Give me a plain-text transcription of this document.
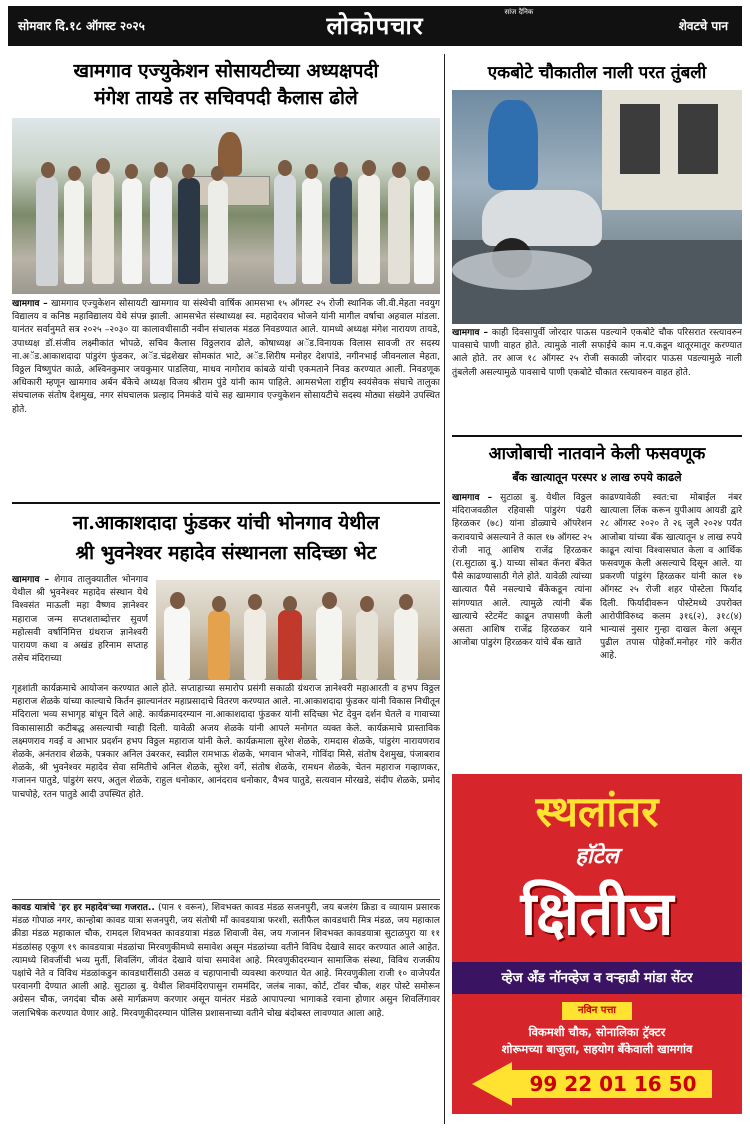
सोमवार दि.१८ ऑगस्ट २०२५
सांज दैनिक
लोकोपचार	शेवटचे पान
खामगाव एज्युकेशन सोसायटीच्या अध्यक्षपदी
मंगेश तायडे तर सचिवपदी कैलास ढोले
खामगाव – खामगाव एज्युकेशन सोसायटी खामगाव या संस्थेची वार्षिक आमसभा १५ ऑगस्ट २५ रोजी स्थानिक जी.वी.मेहता नवयुग विद्यालय व कनिष्ठ महाविद्यालय येथे संपन्न झाली. आमसभेत संस्थाध्यक्ष स्व. महादेवराव भोजने यांनी मागील वर्षाचा अहवाल मांडला. यानंतर सर्वानुमते सत्र २०२५ –२०३० या कालावधीसाठी नवीन संचालक मंडळ निवडण्यात आले. यामध्ये अध्यक्ष मंगेश नारायण तायडे, उपाध्यक्ष डॉ.संजीव लक्ष्मीकांत भोपळे, सचिव कैलास विठ्ठलराव ढोले, कोषाध्यक्ष अॅड.विनायक विलास सावजी तर सदस्य ना.अॅड.आकाशदादा पांडुरंग फुंडकर, अॅड.चंद्रशेखर सोमकांत भाटे, अॅड.शिरीष मनोहर देशपांडे, नगीनभाई जीवनलाल मेहता, विठ्ठल विष्णुपंत काळे, अश्विनकुमार जयकुमार पाडलिया, माधव नागोराव कांबळे यांची एकमताने निवड करण्यात आली. निवडणूक अधिकारी म्हणून खामगाव अर्बन बँकेचे अध्यक्ष विजय श्रीराम पुंडे यांनी काम पाहिले. आमसभेला राष्ट्रीय स्वयंसेवक संघाचे तालुका संघचालक संतोष देशमुख, नगर संघचालक प्रल्हाद निमकंडे यांचे सह खामगाव एज्युकेशन सोसायटीचे सदस्य मोठ्या संख्येने उपस्थित होते.
ना.आकाशदादा फुंडकर यांची भोनगाव येथील
श्री भुवनेश्वर महादेव संस्थानला सदिच्छा भेट
खामगाव – शेगाव तालुक्यातील भोनगाव येथील श्री भुवनेश्वर महादेव संस्थान येथे विश्वसंत माऊली महा वैष्णव ज्ञानेश्वर महाराज जन्म सप्तशताब्दोत्तर सुवर्ण महोत्सवी वर्षानिमित्त ग्रंथराज ज्ञानेश्वरी पारायण कथा व अखंड हरिनाम सप्ताह तसेच मंदिराच्या
गृहशांती कार्यक्रमाचे आयोजन करण्यात आले होते. सप्ताहाच्या समारोप प्रसंगी सकाळी ग्रंथराज ज्ञानेश्वरी महाआरती व हभप विठ्ठल महाराज शेळके यांच्या काल्याचे किर्तन झाल्यानंतर महाप्रसादाचे वितरण करण्यात आले. ना.आकाशदादा फुंडकर यांनी विकास निधीतून मंदिराला भव्य सभागृह बांधून दिले आहे. कार्यक्रमादरम्यान ना.आकाशदादा फुंडकर यांनी सदिच्छा भेट देवुन दर्शन घेतले व गावाच्या विकासासाठी कटीबद्ध असल्याची ग्वाही दिली. यावेळी अजय शेळके यांनी आपले मनोगत व्यक्त केले. कार्यक्रमाचे प्रास्ताविक लक्ष्मणराव गवई व आभार प्रदर्शन हभप विठ्ठल महाराज यांनी केले. कार्यक्रमाला सुरेश शेळके, रामदास शेळके, पांडुरंग नारायणराव शेळके, अनंतराव शेळके, पत्रकार अनिल उंबरकर, स्वप्नील रामभाऊ शेळके, भगवान भोजने, गोविंदा मिसे, संतोष देशमुख, पंजाबराव शेळके, श्री भुवनेश्वर महादेव सेवा समितीचे अनिल शेळके, सुरेश वर्गे, संतोष शेळके, रामधन शेळके, चेतन महाराज गव्हाणकर, गजानन पातुडे, पांडुरंग सरप, अतुल शेळके, राहुल धनोकार, आनंदराव धनोकार, वैभव पातुडे, सत्यवान मोरखडे, संदीप शेळके, प्रमोद पाचपोहे, रतन पातुडे आदी उपस्थित होते.
कावड यात्रांचे 'हर हर महादेव'च्या गजरात.. (पान १ वरून), शिवभक्त कावड मंडळ सजनपुरी, जय बजरंग क्रिडा व व्यायाम प्रसारक मंडळ गोपाळ नगर, कान्होबा कावड यात्रा सजनपुरी, जय संतोषी माँ कावडयात्रा फरशी, सतीफैल कावडधारी मित्र मंडळ, जय महाकाल क्रीडा मंडळ महाकाल चौक, रामदल शिवभक्त कावडयात्रा मंडळ शिवाजी वेस, जय गजानन शिवभक्त कावडयात्रा सुटाळपुरा या ११ मंडळांसह एकूण १९ कावडयात्रा मंडळांचा मिरवणुकीमध्ये समावेश असून मंडळांच्या वतीने विविध देखावे सादर करण्यात आले आहेत. त्यामध्ये शिवजींची भव्य मुर्ती, शिवलिंग, जीवंत देखावे यांचा समावेश आहे. मिरवणुकीदरम्यान सामाजिक संस्था, विविध राजकीय पक्षांचे नेते व विविध मंडळांकडुन कावडधारींसाठी उसळ व चहापानाची व्यवस्था करण्यात येत आहे. मिरवणुकीला राजी १० वाजेपर्यंत परवानगी देण्यात आली आहे. सुटाळा बु. येथील शिवमंदिरापासुन राममंदिर, जलंब नाका, कोर्ट, टॉवर चौक, शहर पोस्टे समोरून अग्रेसन चौक, जगदंबा चौक असे मार्गक्रमण करणार असून यानंतर मंडळे आपापल्या भागाकडे रवाना होणार असुन शिवलिंगावर जलाभिषेक करण्यात येणार आहे. मिरवणूकीदरम्यान पोलिस प्रशासनाच्या वतीने चोख बंदोबस्त लावण्यात आला आहे.
एकबोटे चौकातील नाली परत तुंबली
खामगाव – काही दिवसापुर्वी जोरदार पाऊस पडल्याने एकबोटे चौक परिसरात रस्त्यावरुन पावसाचे पाणी वाहत होते. त्यामुळे नाली सफाईचे काम न.प.कडून थातूरमातूर करण्यात आले होते. तर आज १८ ऑगस्ट २५ रोजी सकाळी जोरदार पाऊस पडल्यामुळे नाली तुंबलेली असल्यामुळे पावसाचे पाणी एकबोटे चौकात रस्त्यावरुन वाहत होते.
आजोबाची नातवाने केली फसवणूक
बँक खात्यातून परस्पर ४ लाख रुपये काढले
खामगाव – सुटाळा बु. येथील विठ्ठल मंदिराजवळील रहिवासी पांडुरंग पंढरी हिरळकर (७८) यांना डोळ्याचे ऑपरेशन करावयाचे असल्याने ते काल १७ ऑगस्ट २५ रोजी नातू आशिष राजेंद्र हिरळकर (रा.सुटाळा बु.) याच्या सोबत कॅनरा बँकेत पैसे काढण्यासाठी गेले होते. यावेळी त्यांच्या खात्यात पैसे नसल्याचे बँकेकडून त्यांना सांगण्यात आले. त्यामुळे त्यांनी बँक खात्याचे स्टेटमेंट काढून तपासणी केली असता आशिष राजेंद्र हिरळकर याने आजोबा पांडुरंग हिरळकर यांचे बँक खाते
काढण्यावेळी स्वत:चा मोबाईल नंबर खात्याला लिंक करून युपीआय आयडी द्वारे २८ ऑगस्ट २०२० ते २६ जुलै २०२४ पर्यंत आजोबा यांच्या बँक खात्यातून ४ लाख रुपये काढून त्यांचा विश्वासघात केला व आर्थिक फसवणूक केली असल्याचे दिसून आले. या प्रकरणी पांडुरंग हिरळकर यांनी काल १७ ऑगस्ट २५ रोजी शहर पोस्टेला फिर्याद दिली. फिर्यादीवरून पोस्टेमध्ये उपरोक्त आरोपीविरुध्द कलम ३१६(२), ३१८(४) भान्यासं नुसार गुन्हा दाखल केला असून पुढील तपास पोहेकॉ.मनोहर गोरे करीत आहे.
स्थलांतर
हॉटेल
क्षितीज
व्हेज अँड नॉनव्हेज व वऱ्हाडी मांडा सेंटर
नविन पत्ता
विकमशी चौक, सोनालिका ट्रॅक्टर
शोरूमच्या बाजुला, सहयोग बँकेवाली खामगांव
99 22 01 16 50
